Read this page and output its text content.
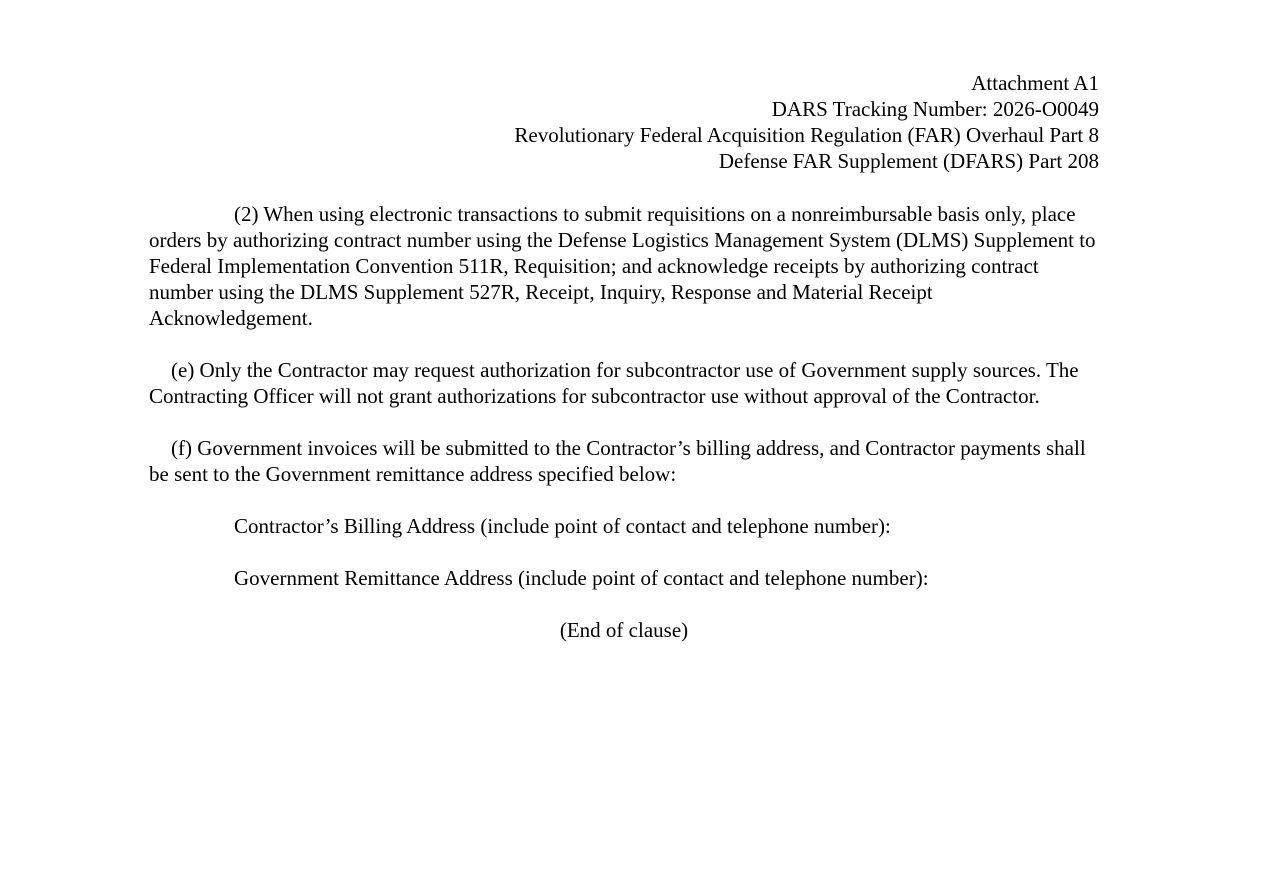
Attachment A1
DARS Tracking Number: 2026-O0049
Revolutionary Federal Acquisition Regulation (FAR) Overhaul Part 8
Defense FAR Supplement (DFARS) Part 208

(2) When using electronic transactions to submit requisitions on a nonreimbursable basis only, place orders by authorizing contract number using the Defense Logistics Management System (DLMS) Supplement to Federal Implementation Convention 511R, Requisition; and acknowledge receipts by authorizing contract number using the DLMS Supplement 527R, Receipt, Inquiry, Response and Material Receipt Acknowledgement.

(e) Only the Contractor may request authorization for subcontractor use of Government supply sources. The Contracting Officer will not grant authorizations for subcontractor use without approval of the Contractor.

(f) Government invoices will be submitted to the Contractor’s billing address, and Contractor payments shall be sent to the Government remittance address specified below:

Contractor’s Billing Address (include point of contact and telephone number):

Government Remittance Address (include point of contact and telephone number):

(End of clause)
